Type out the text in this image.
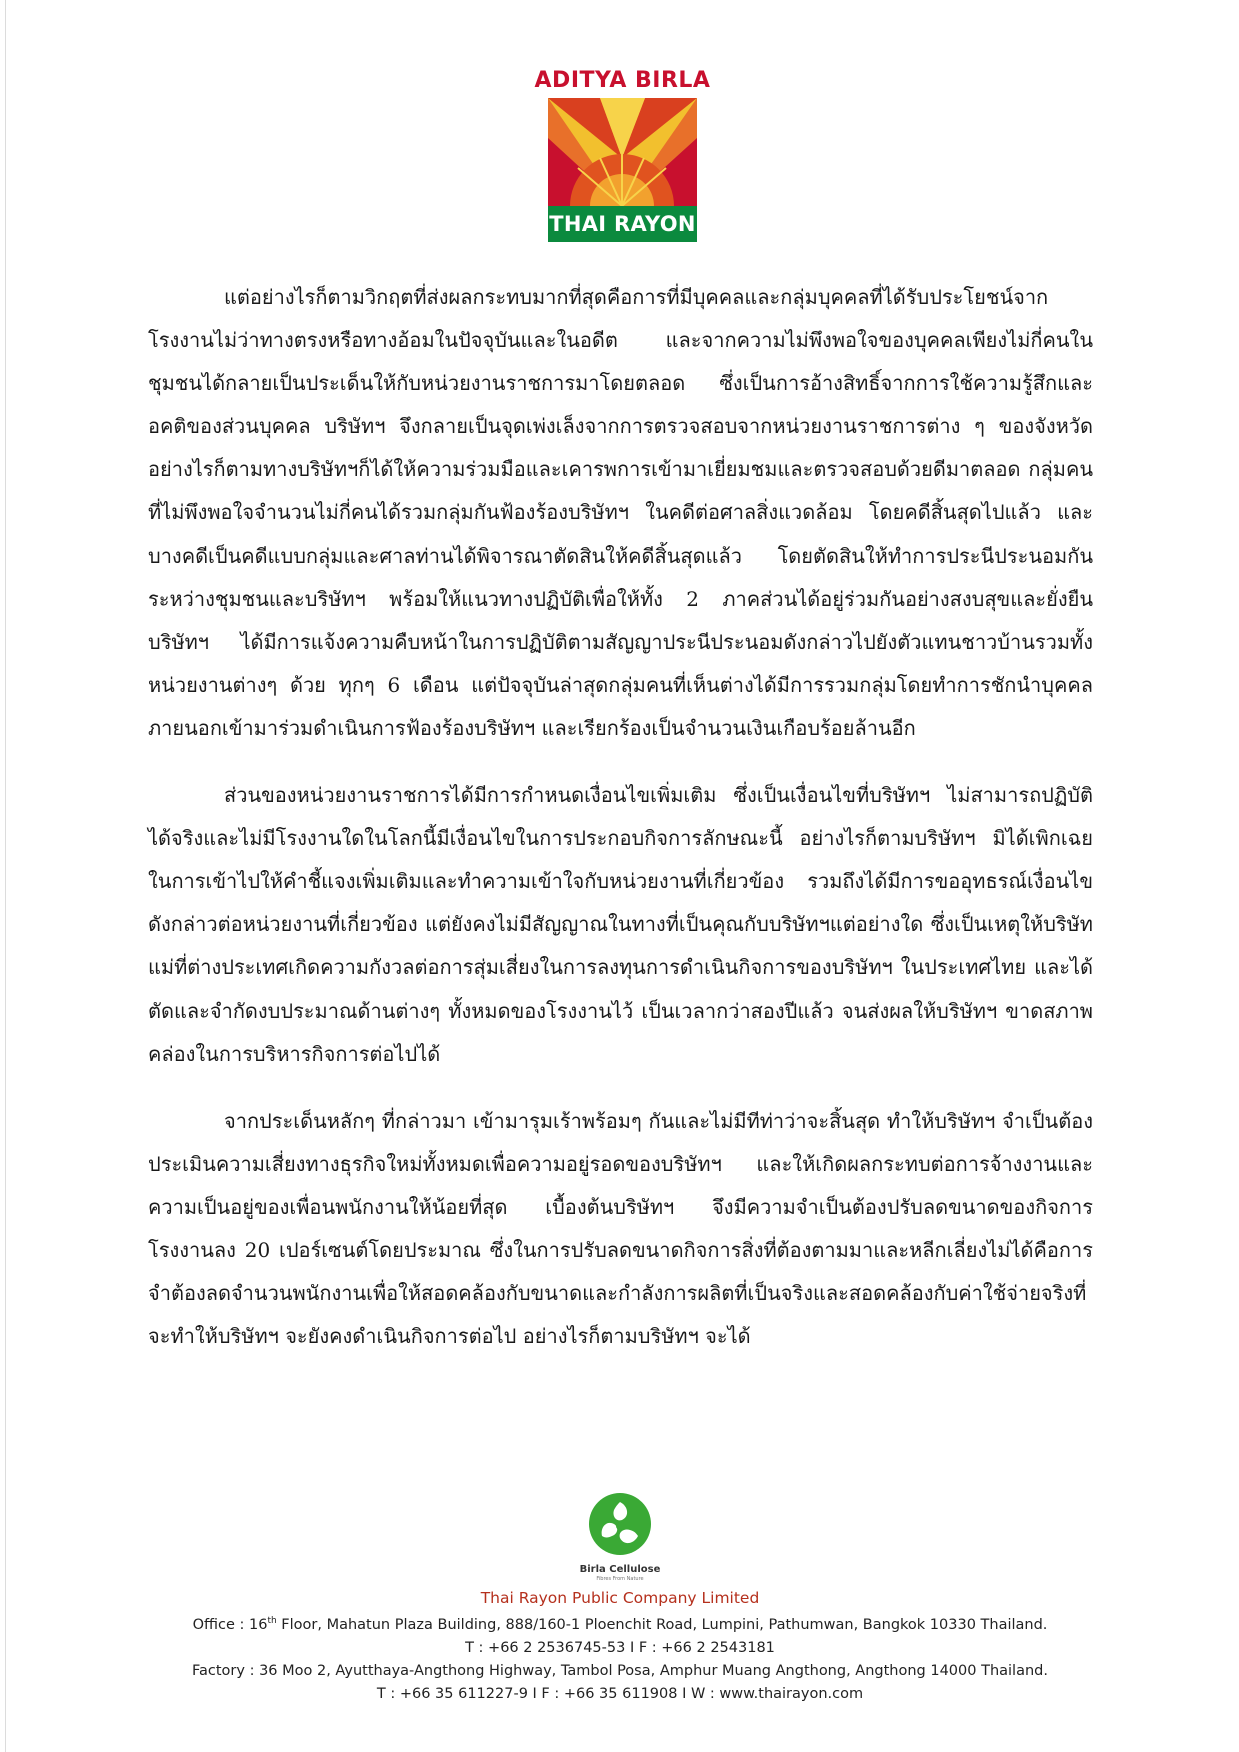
ADITYA BIRLA
THAI RAYON

แต่อย่างไรก็ตามวิกฤตที่ส่งผลกระทบมากที่สุดคือการที่มีบุคคลและกลุ่มบุคคลที่ได้รับประโยชน์จากโรงงานไม่ว่าทางตรงหรือทางอ้อมในปัจจุบันและในอดีต และจากความไม่พึงพอใจของบุคคลเพียงไม่กี่คนในชุมชนได้กลายเป็นประเด็นให้กับหน่วยงานราชการมาโดยตลอด ซึ่งเป็นการอ้างสิทธิ์จากการใช้ความรู้สึกและอคติของส่วนบุคคล บริษัทฯ จึงกลายเป็นจุดเพ่งเล็งจากการตรวจสอบจากหน่วยงานราชการต่าง ๆ ของจังหวัด อย่างไรก็ตามทางบริษัทฯก็ได้ให้ความร่วมมือและเคารพการเข้ามาเยี่ยมชมและตรวจสอบด้วยดีมาตลอด กลุ่มคนที่ไม่พึงพอใจจำนวนไม่กี่คนได้รวมกลุ่มกันฟ้องร้องบริษัทฯ ในคดีต่อศาลสิ่งแวดล้อม โดยคดีสิ้นสุดไปแล้ว และบางคดีเป็นคดีแบบกลุ่มและศาลท่านได้พิจารณาตัดสินให้คดีสิ้นสุดแล้ว โดยตัดสินให้ทำการประนีประนอมกันระหว่างชุมชนและบริษัทฯ พร้อมให้แนวทางปฏิบัติเพื่อให้ทั้ง 2 ภาคส่วนได้อยู่ร่วมกันอย่างสงบสุขและยั่งยืน บริษัทฯ ได้มีการแจ้งความคืบหน้าในการปฏิบัติตามสัญญาประนีประนอมดังกล่าวไปยังตัวแทนชาวบ้านรวมทั้งหน่วยงานต่างๆ ด้วย ทุกๆ 6 เดือน แต่ปัจจุบันล่าสุดกลุ่มคนที่เห็นต่างได้มีการรวมกลุ่มโดยทำการชักนำบุคคลภายนอกเข้ามาร่วมดำเนินการฟ้องร้องบริษัทฯ และเรียกร้องเป็นจำนวนเงินเกือบร้อยล้านอีก

ส่วนของหน่วยงานราชการได้มีการกำหนดเงื่อนไขเพิ่มเติม ซึ่งเป็นเงื่อนไขที่บริษัทฯ ไม่สามารถปฏิบัติได้จริงและไม่มีโรงงานใดในโลกนี้มีเงื่อนไขในการประกอบกิจการลักษณะนี้ อย่างไรก็ตามบริษัทฯ มิได้เพิกเฉยในการเข้าไปให้คำชี้แจงเพิ่มเติมและทำความเข้าใจกับหน่วยงานที่เกี่ยวข้อง รวมถึงได้มีการขออุทธรณ์เงื่อนไขดังกล่าวต่อหน่วยงานที่เกี่ยวข้อง แต่ยังคงไม่มีสัญญาณในทางที่เป็นคุณกับบริษัทฯแต่อย่างใด ซึ่งเป็นเหตุให้บริษัทแม่ที่ต่างประเทศเกิดความกังวลต่อการสุ่มเสี่ยงในการลงทุนการดำเนินกิจการของบริษัทฯ ในประเทศไทย และได้ตัดและจำกัดงบประมาณด้านต่างๆ ทั้งหมดของโรงงานไว้ เป็นเวลากว่าสองปีแล้ว จนส่งผลให้บริษัทฯ ขาดสภาพคล่องในการบริหารกิจการต่อไปได้

จากประเด็นหลักๆ ที่กล่าวมา เข้ามารุมเร้าพร้อมๆ กันและไม่มีทีท่าว่าจะสิ้นสุด ทำให้บริษัทฯ จำเป็นต้องประเมินความเสี่ยงทางธุรกิจใหม่ทั้งหมดเพื่อความอยู่รอดของบริษัทฯ และให้เกิดผลกระทบต่อการจ้างงานและความเป็นอยู่ของเพื่อนพนักงานให้น้อยที่สุด เบื้องต้นบริษัทฯ จึงมีความจำเป็นต้องปรับลดขนาดของกิจการ โรงงานลง 20 เปอร์เซนต์โดยประมาณ ซึ่งในการปรับลดขนาดกิจการสิ่งที่ต้องตามมาและหลีกเลี่ยงไม่ได้คือการจำต้องลดจำนวนพนักงานเพื่อให้สอดคล้องกับขนาดและกำลังการผลิตที่เป็นจริงและสอดคล้องกับค่าใช้จ่ายจริงที่จะทำให้บริษัทฯ จะยังคงดำเนินกิจการต่อไป อย่างไรก็ตามบริษัทฯ จะได้

Birla Cellulose
Fibres From Nature
Thai Rayon Public Company Limited
Office : 16th Floor, Mahatun Plaza Building, 888/160-1 Ploenchit Road, Lumpini, Pathumwan, Bangkok 10330 Thailand.
T : +66 2 2536745-53 I F : +66 2 2543181
Factory : 36 Moo 2, Ayutthaya-Angthong Highway, Tambol Posa, Amphur Muang Angthong, Angthong 14000 Thailand.
T : +66 35 611227-9 I F : +66 35 611908 I W : www.thairayon.com
